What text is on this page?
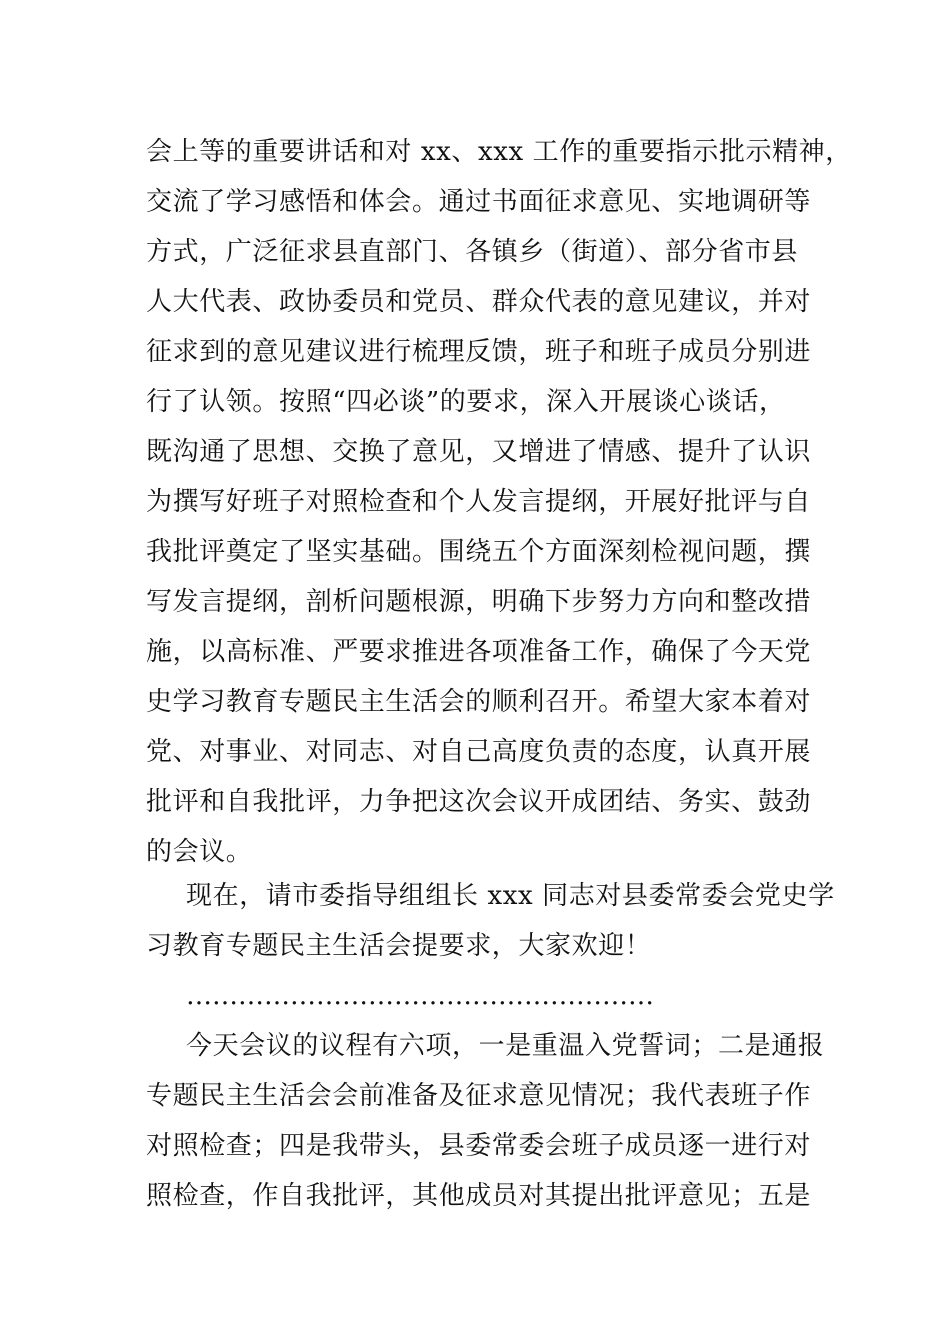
会上等的重要讲话和对 xx、xxx 工作的重要指示批示精神，
交流了学习感悟和体会。通过书面征求意见、实地调研等
方式，广泛征求县直部门、各镇乡（街道）、部分省市县
人大代表、政协委员和党员、群众代表的意见建议，并对
征求到的意见建议进行梳理反馈，班子和班子成员分别进
行了认领。按照“四必谈”的要求，深入开展谈心谈话，
既沟通了思想、交换了意见，又增进了情感、提升了认识
为撰写好班子对照检查和个人发言提纲，开展好批评与自
我批评奠定了坚实基础。围绕五个方面深刻检视问题，撰
写发言提纲，剖析问题根源，明确下步努力方向和整改措
施，以高标准、严要求推进各项准备工作，确保了今天党
史学习教育专题民主生活会的顺利召开。希望大家本着对
党、对事业、对同志、对自己高度负责的态度，认真开展
批评和自我批评，力争把这次会议开成团结、务实、鼓劲
的会议。
现在，请市委指导组组长 xxx 同志对县委常委会党史学
习教育专题民主生活会提要求，大家欢迎！
………………………………………………
今天会议的议程有六项，一是重温入党誓词；二是通报
专题民主生活会会前准备及征求意见情况；我代表班子作
对照检查；四是我带头，县委常委会班子成员逐一进行对
照检查，作自我批评，其他成员对其提出批评意见；五是
